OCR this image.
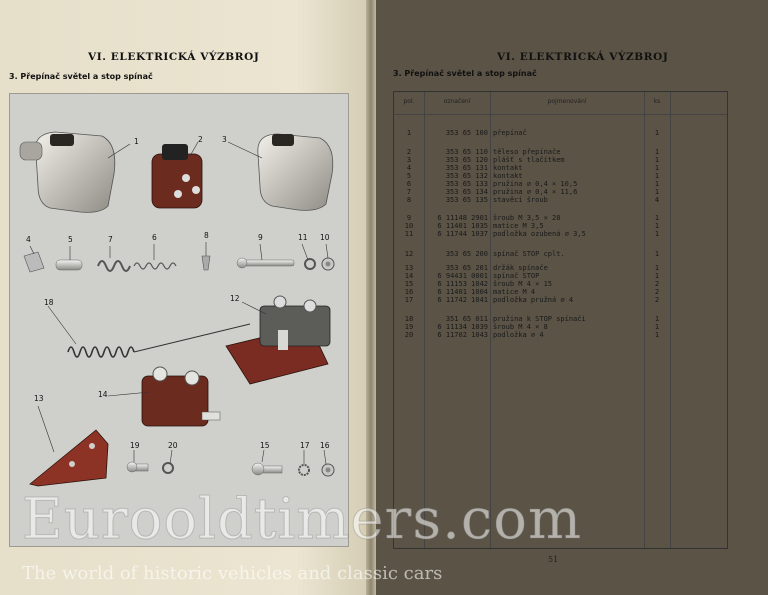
VI. ELEKTRICKÁ VÝZBROJ
3. Přepínač světel a stop spínač
1	2	3
4	5	7	6	8	9	11 10
18	12
14
13
19	20	15	17 16
VI. ELEKTRICKÁ VÝZBROJ
3. Přepínač světel a stop spínač
pol.	označení	pojmenování	ks
1	353 65 100 přepínač	1
2	353 65 110 těleso přepínače	1
3	353 65 120 plášť s tlačítkem	1
4	353 65 131 kontakt	1
5	353 65 132 kontakt	1
6	353 65 133 pružina ⌀ 0,4 × 10,5	1
7	353 65 134 pružina ⌀ 0,4 × 11,6	1
8	353 65 135 stavěcí šroub	4
9	6 11148 2901 šroub M 3,5 × 28	1
10	6 11401 1035 matice M 3,5	1
11	6 11744 1037 podložka ozubená ⌀ 3,5	1
12	353 65 200 spínač STOP cplt.	1
13	353 65 201 držák spínače	1
14	6 94431 0001 spínač STOP	1
15	6 11153 1042 šroub M 4 × 15	2
16	6 11401 1004 matice M 4	2
17	6 11742 1041 podložka pružná ⌀ 4	2
18	351 65 011 pružina k STOP spínači	1
19	6 11134 1039 šroub M 4 × 8	1
20	6 11702 1043 podložka ⌀ 4	1
51
Eurooldtimers.com
The world of historic vehicles and classic cars
